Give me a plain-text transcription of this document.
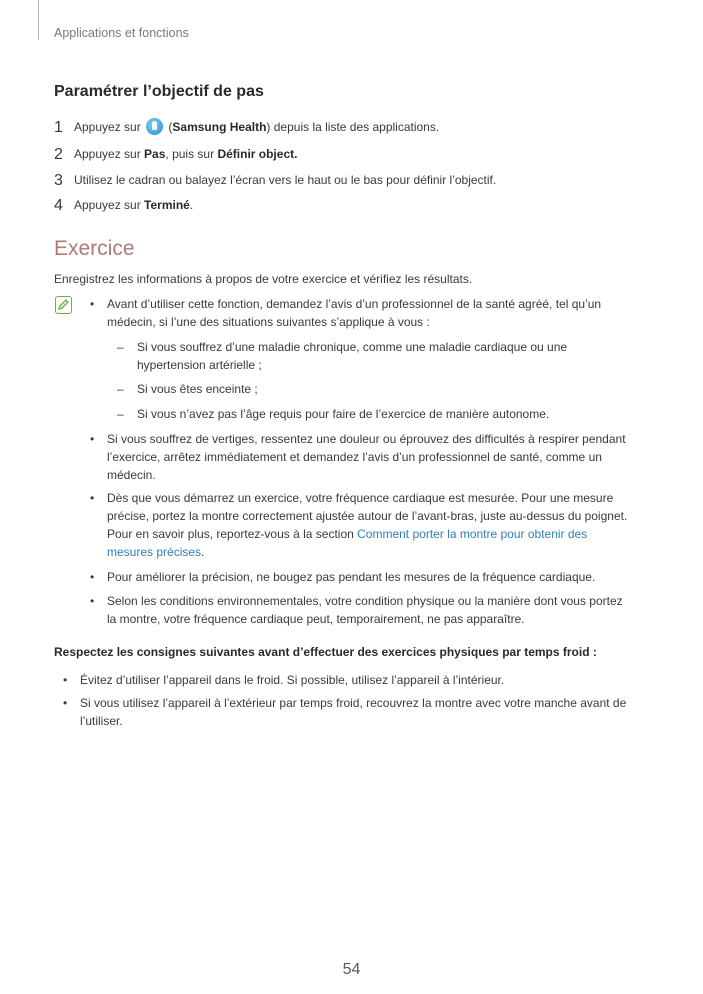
Applications et fonctions
Paramétrer l’objectif de pas
1 Appuyez sur  (Samsung Health) depuis la liste des applications.
2 Appuyez sur Pas, puis sur Définir object.
3 Utilisez le cadran ou balayez l’écran vers le haut ou le bas pour définir l’objectif.
4 Appuyez sur Terminé.
Exercice
Enregistrez les informations à propos de votre exercice et vérifiez les résultats.
• Avant d’utiliser cette fonction, demandez l’avis d’un professionnel de la santé agréé, tel qu’un
médecin, si l’une des situations suivantes s’applique à vous :
– Si vous souffrez d’une maladie chronique, comme une maladie cardiaque ou une
hypertension artérielle ;
– Si vous êtes enceinte ;
– Si vous n’avez pas l’âge requis pour faire de l’exercice de manière autonome.
• Si vous souffrez de vertiges, ressentez une douleur ou éprouvez des difficultés à respirer pendant
l’exercice, arrêtez immédiatement et demandez l’avis d’un professionnel de santé, comme un
médecin.
• Dès que vous démarrez un exercice, votre fréquence cardiaque est mesurée. Pour une mesure
précise, portez la montre correctement ajustée autour de l’avant-bras, juste au-dessus du poignet.
Pour en savoir plus, reportez-vous à la section Comment porter la montre pour obtenir des
mesures précises.
• Pour améliorer la précision, ne bougez pas pendant les mesures de la fréquence cardiaque.
• Selon les conditions environnementales, votre condition physique ou la manière dont vous portez
la montre, votre fréquence cardiaque peut, temporairement, ne pas apparaître.
Respectez les consignes suivantes avant d’effectuer des exercices physiques par temps froid :
• Évitez d’utiliser l’appareil dans le froid. Si possible, utilisez l’appareil à l’intérieur.
• Si vous utilisez l’appareil à l’extérieur par temps froid, recouvrez la montre avec votre manche avant de
l’utiliser.
54
